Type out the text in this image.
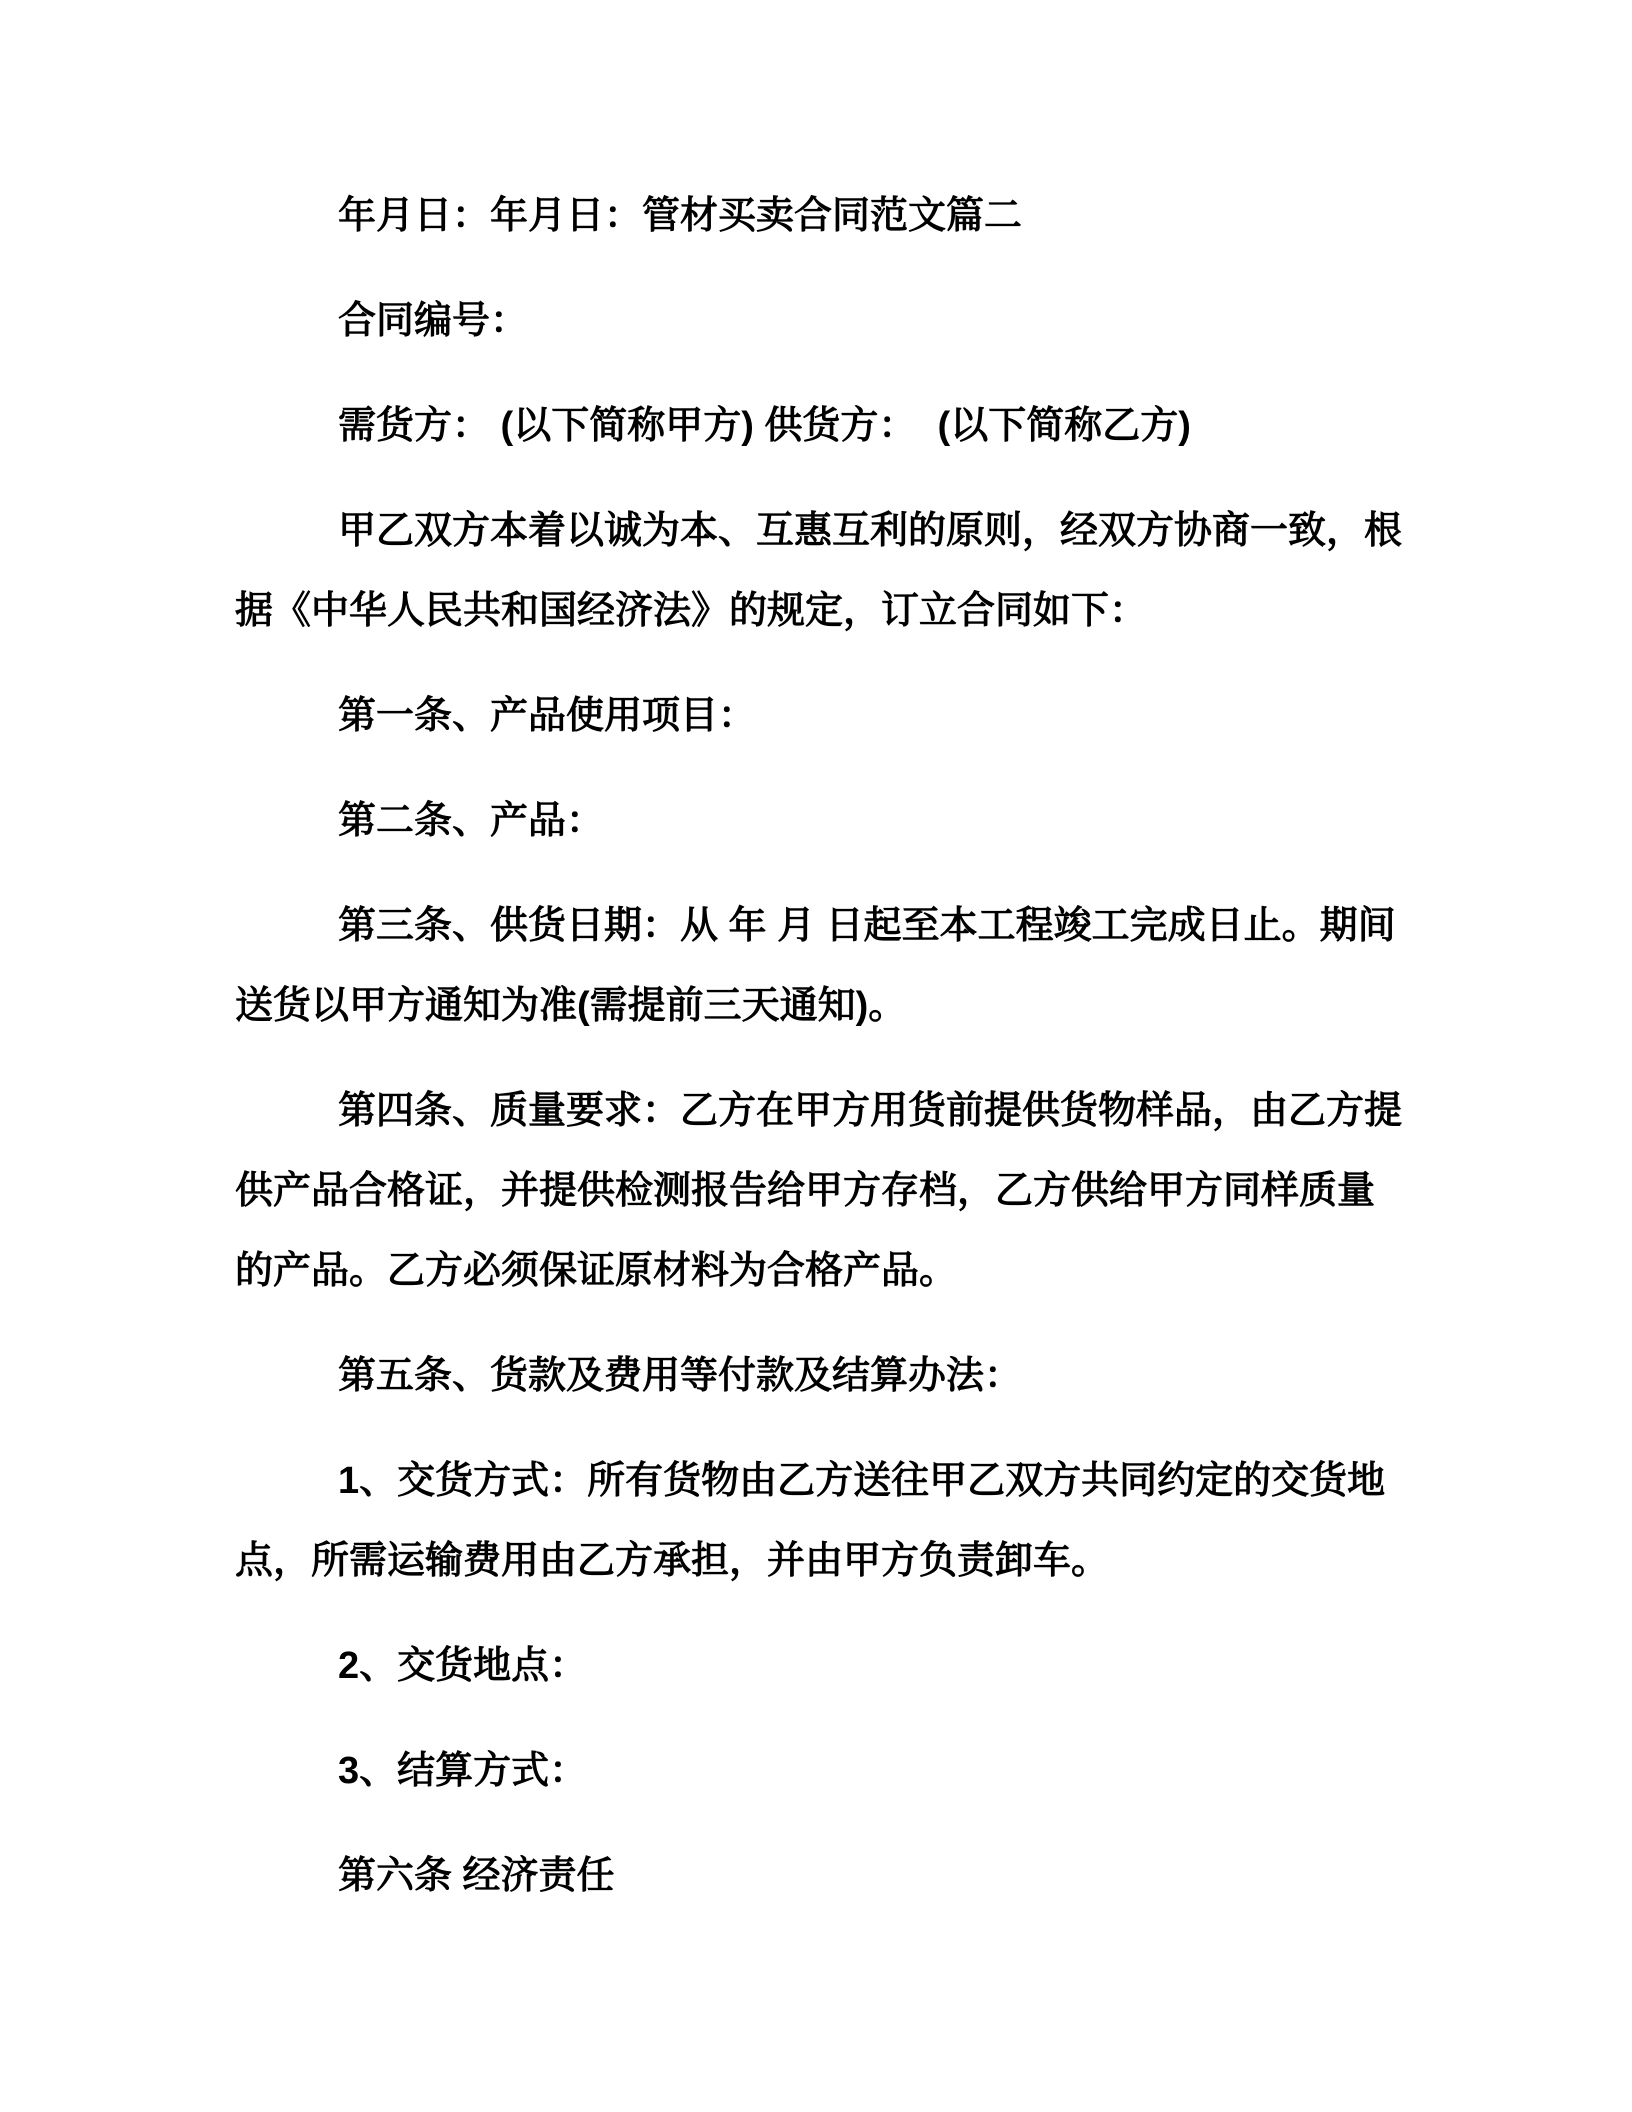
年月日：年月日：管材买卖合同范文篇二

合同编号：

需货方： (以下简称甲方) 供货方：  (以下简称乙方)

甲乙双方本着以诚为本、互惠互利的原则，经双方协商一致，根
据《中华人民共和国经济法》的规定，订立合同如下：

第一条、产品使用项目：

第二条、产品：

第三条、供货日期：从 年 月 日起至本工程竣工完成日止。期间
送货以甲方通知为准(需提前三天通知)。

第四条、质量要求：乙方在甲方用货前提供货物样品，由乙方提
供产品合格证，并提供检测报告给甲方存档，乙方供给甲方同样质量
的产品。乙方必须保证原材料为合格产品。

第五条、货款及费用等付款及结算办法：

1、交货方式：所有货物由乙方送往甲乙双方共同约定的交货地
点，所需运输费用由乙方承担，并由甲方负责卸车。

2、交货地点：

3、结算方式：

第六条 经济责任
